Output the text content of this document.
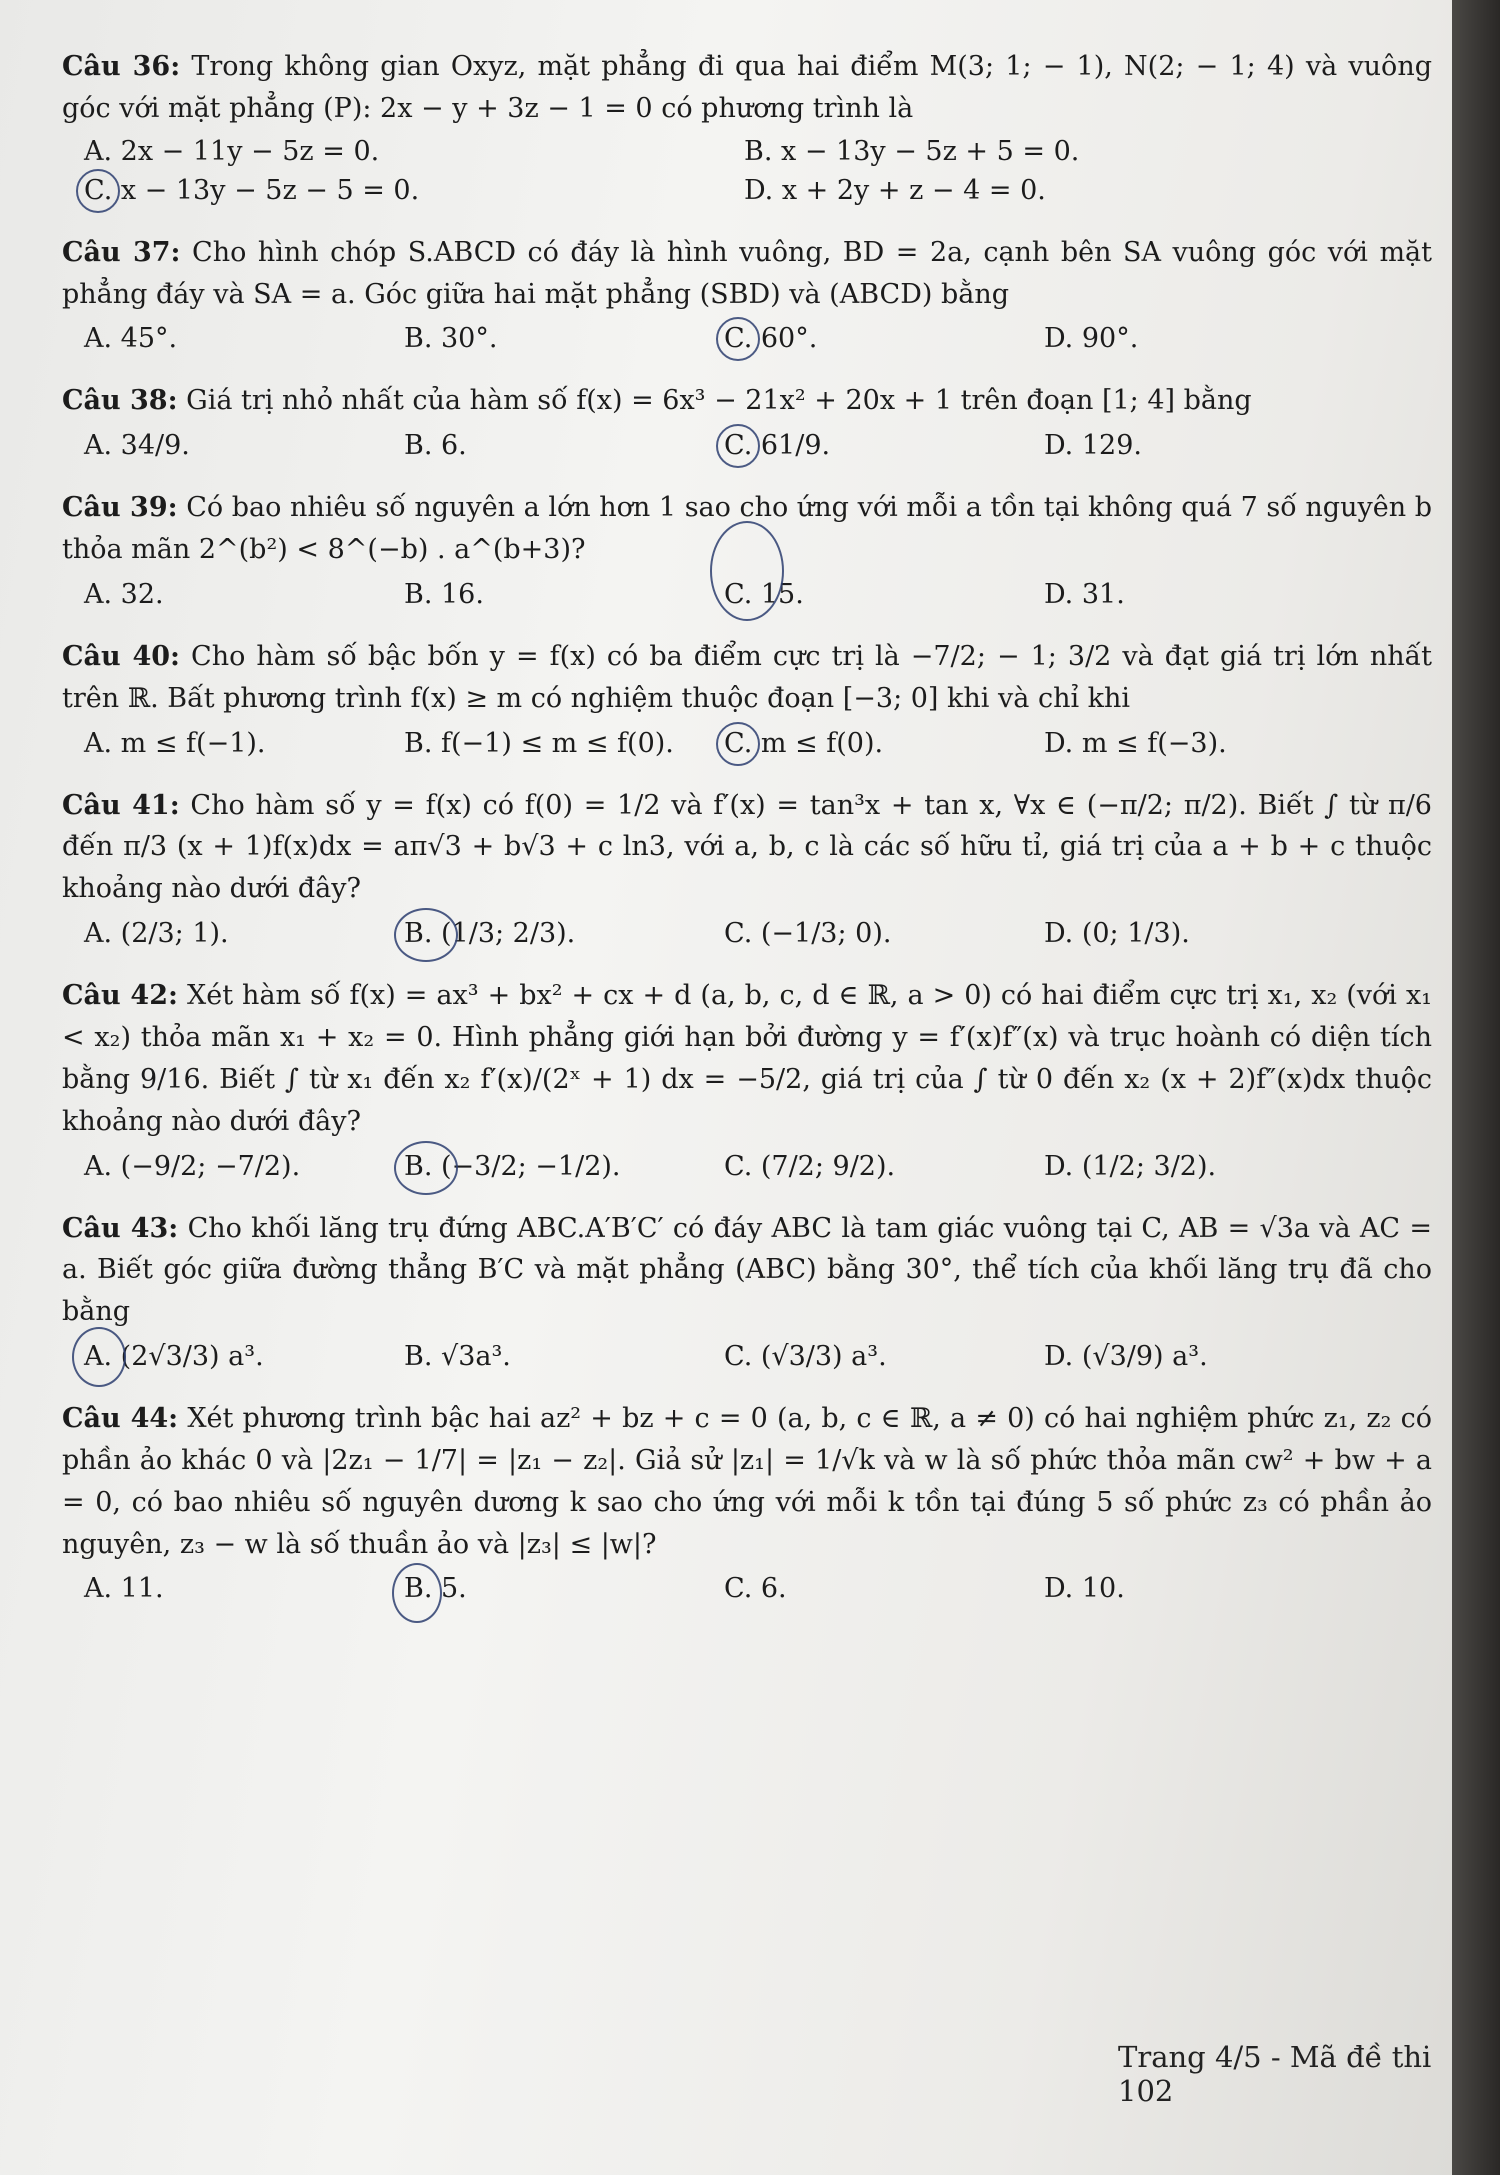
Câu 36: Trong không gian Oxyz, mặt phẳng đi qua hai điểm M(3; 1; − 1), N(2; − 1; 4) và vuông góc với mặt phẳng (P): 2x − y + 3z − 1 = 0 có phương trình là
A. 2x − 11y − 5z = 0.	B. x − 13y − 5z + 5 = 0.
C. x − 13y − 5z − 5 = 0.	D. x + 2y + z − 4 = 0.
Câu 37: Cho hình chóp S.ABCD có đáy là hình vuông, BD = 2a, cạnh bên SA vuông góc với mặt phẳng đáy và SA = a. Góc giữa hai mặt phẳng (SBD) và (ABCD) bằng
A. 45°.	B. 30°.	C. 60°.	D. 90°.
Câu 38: Giá trị nhỏ nhất của hàm số f(x) = 6x³ − 21x² + 20x + 1 trên đoạn [1; 4] bằng
A. 34/9.	B. 6.	C. 61/9.	D. 129.
Câu 39: Có bao nhiêu số nguyên a lớn hơn 1 sao cho ứng với mỗi a tồn tại không quá 7 số nguyên b thỏa mãn 2^(b²) < 8^(−b) . a^(b+3)?
A. 32.	B. 16.	C. 15.	D. 31.
Câu 40: Cho hàm số bậc bốn y = f(x) có ba điểm cực trị là −7/2; − 1; 3/2 và đạt giá trị lớn nhất trên ℝ. Bất phương trình f(x) ≥ m có nghiệm thuộc đoạn [−3; 0] khi và chỉ khi
A. m ≤ f(−1).	B. f(−1) ≤ m ≤ f(0).	C. m ≤ f(0).	D. m ≤ f(−3).
Câu 41: Cho hàm số y = f(x) có f(0) = 1/2 và f′(x) = tan³x + tan x, ∀x ∈ (−π/2; π/2). Biết ∫ từ π/6 đến π/3 (x + 1)f(x)dx = aπ√3 + b√3 + c ln3, với a, b, c là các số hữu tỉ, giá trị của a + b + c thuộc khoảng nào dưới đây?
A. (2/3; 1).	B. (1/3; 2/3).	C. (−1/3; 0).	D. (0; 1/3).
Câu 42: Xét hàm số f(x) = ax³ + bx² + cx + d (a, b, c, d ∈ ℝ, a > 0) có hai điểm cực trị x₁, x₂ (với x₁ < x₂) thỏa mãn x₁ + x₂ = 0. Hình phẳng giới hạn bởi đường y = f′(x)f″(x) và trục hoành có diện tích bằng 9/16. Biết ∫ từ x₁ đến x₂ f′(x)/(2ˣ + 1) dx = −5/2, giá trị của ∫ từ 0 đến x₂ (x + 2)f″(x)dx thuộc khoảng nào dưới đây?
A. (−9/2; −7/2).	B. (−3/2; −1/2).	C. (7/2; 9/2).	D. (1/2; 3/2).
Câu 43: Cho khối lăng trụ đứng ABC.A′B′C′ có đáy ABC là tam giác vuông tại C, AB = √3a và AC = a. Biết góc giữa đường thẳng B′C và mặt phẳng (ABC) bằng 30°, thể tích của khối lăng trụ đã cho bằng
A. (2√3/3) a³.	B. √3a³.	C. (√3/3) a³.	D. (√3/9) a³.
Câu 44: Xét phương trình bậc hai az² + bz + c = 0 (a, b, c ∈ ℝ, a ≠ 0) có hai nghiệm phức z₁, z₂ có phần ảo khác 0 và |2z₁ − 1/7| = |z₁ − z₂|. Giả sử |z₁| = 1/√k và w là số phức thỏa mãn cw² + bw + a = 0, có bao nhiêu số nguyên dương k sao cho ứng với mỗi k tồn tại đúng 5 số phức z₃ có phần ảo nguyên, z₃ − w là số thuần ảo và |z₃| ≤ |w|?
A. 11.	B. 5.	C. 6.	D. 10.
Trang 4/5 - Mã đề thi 102
